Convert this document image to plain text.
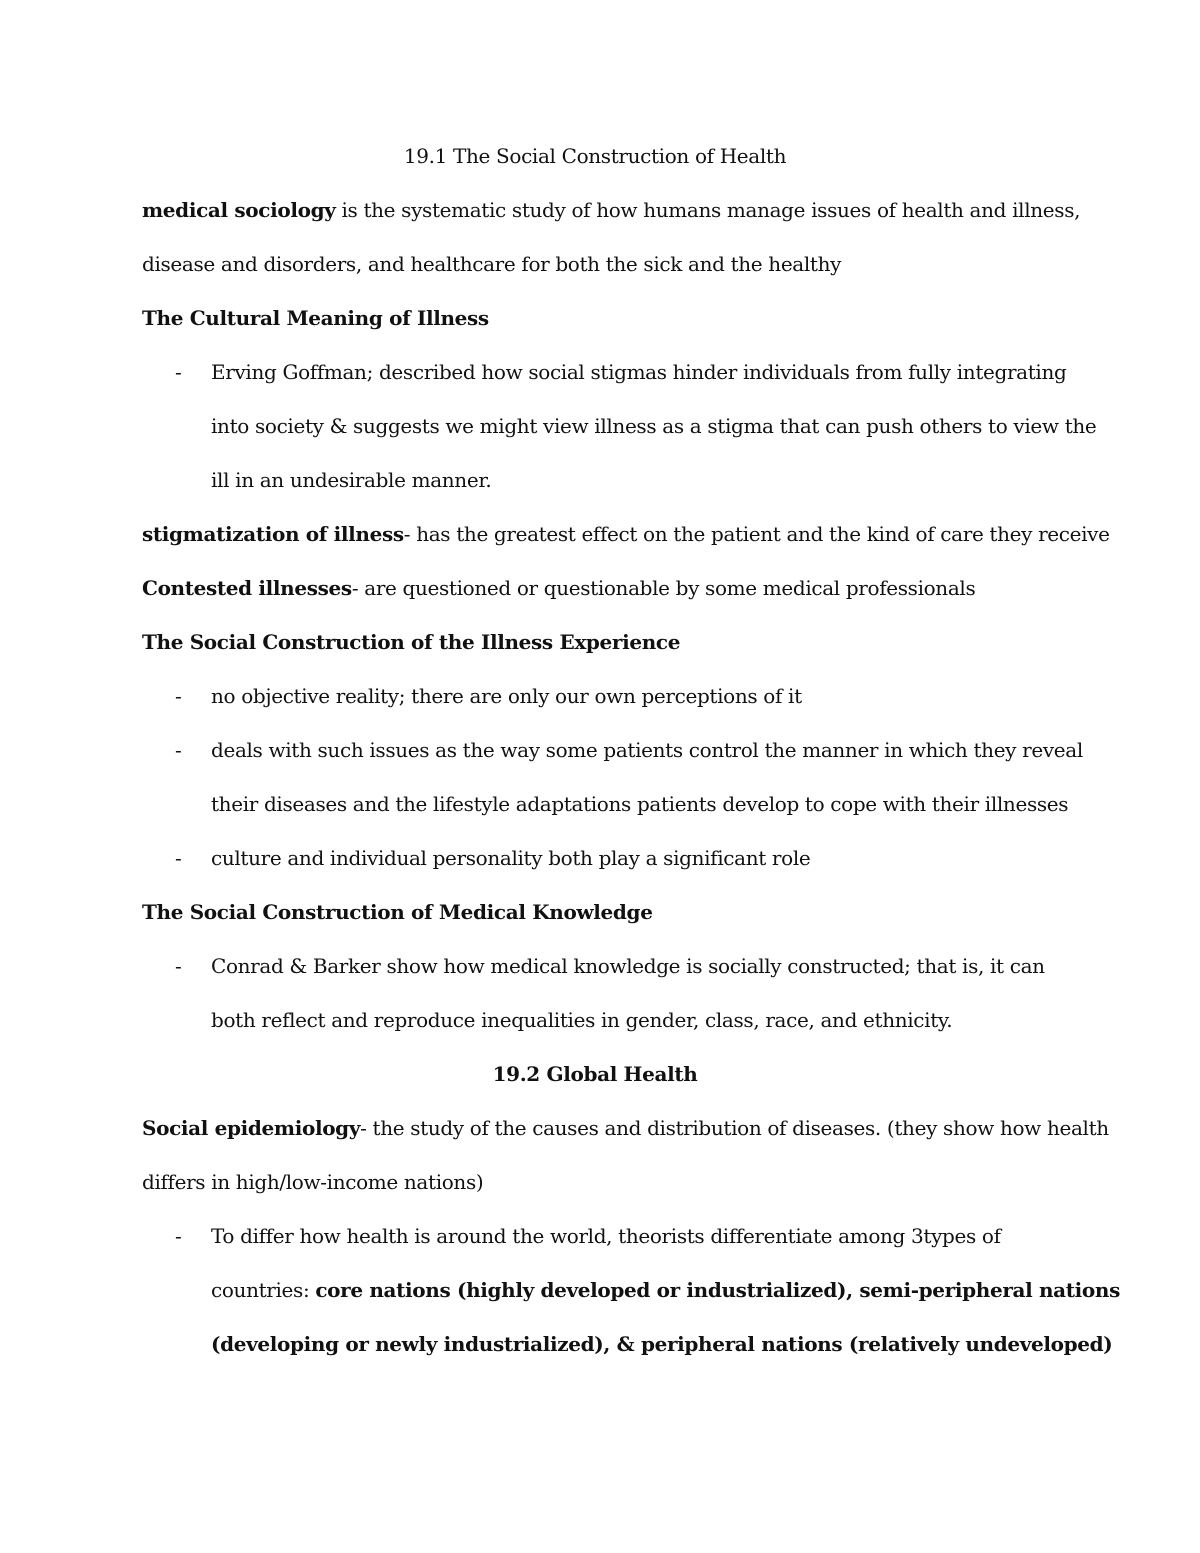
19.1 The Social Construction of Health
medical sociology is the systematic study of how humans manage issues of health and illness,
disease and disorders, and healthcare for both the sick and the healthy
The Cultural Meaning of Illness
- Erving Goffman; described how social stigmas hinder individuals from fully integrating
into society & suggests we might view illness as a stigma that can push others to view the
ill in an undesirable manner.
stigmatization of illness- has the greatest effect on the patient and the kind of care they receive
Contested illnesses- are questioned or questionable by some medical professionals
The Social Construction of the Illness Experience
- no objective reality; there are only our own perceptions of it
- deals with such issues as the way some patients control the manner in which they reveal
their diseases and the lifestyle adaptations patients develop to cope with their illnesses
- culture and individual personality both play a significant role
The Social Construction of Medical Knowledge
- Conrad & Barker show how medical knowledge is socially constructed; that is, it can
both reflect and reproduce inequalities in gender, class, race, and ethnicity.
19.2 Global Health
Social epidemiology- the study of the causes and distribution of diseases. (they show how health
differs in high/low-income nations)
- To differ how health is around the world, theorists differentiate among 3types of
countries: core nations (highly developed or industrialized), semi-peripheral nations
(developing or newly industrialized), & peripheral nations (relatively undeveloped)
